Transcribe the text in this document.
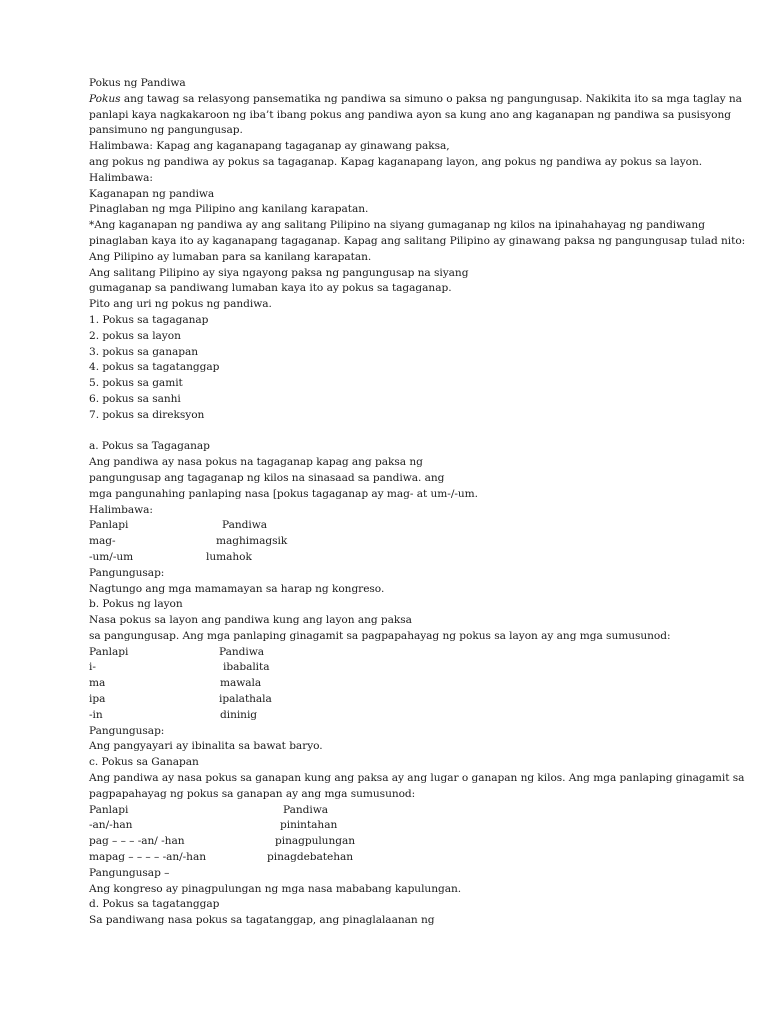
Pokus ng Pandiwa
Pokus ang tawag sa relasyong pansematika ng pandiwa sa simuno o paksa ng pangungusap. Nakikita ito sa mga taglay na
panlapi kaya nagkakaroon ng iba’t ibang pokus ang pandiwa ayon sa kung ano ang kaganapan ng pandiwa sa pusisyong
pansimuno ng pangungusap.
Halimbawa: Kapag ang kaganapang tagaganap ay ginawang paksa,
ang pokus ng pandiwa ay pokus sa tagaganap. Kapag kaganapang layon, ang pokus ng pandiwa ay pokus sa layon.
Halimbawa:
Kaganapan ng pandiwa
Pinaglaban ng mga Pilipino ang kanilang karapatan.
*Ang kaganapan ng pandiwa ay ang salitang Pilipino na siyang gumaganap ng kilos na ipinahahayag ng pandiwang
pinaglaban kaya ito ay kaganapang tagaganap. Kapag ang salitang Pilipino ay ginawang paksa ng pangungusap tulad nito:
Ang Pilipino ay lumaban para sa kanilang karapatan.
Ang salitang Pilipino ay siya ngayong paksa ng pangungusap na siyang
gumaganap sa pandiwang lumaban kaya ito ay pokus sa tagaganap.
Pito ang uri ng pokus ng pandiwa.
1. Pokus sa tagaganap
2. pokus sa layon
3. pokus sa ganapan
4. pokus sa tagatanggap
5. pokus sa gamit
6. pokus sa sanhi
7. pokus sa direksyon
a. Pokus sa Tagaganap
Ang pandiwa ay nasa pokus na tagaganap kapag ang paksa ng
pangungusap ang tagaganap ng kilos na sinasaad sa pandiwa. ang
mga pangunahing panlaping nasa [pokus tagaganap ay mag- at um-/-um.
Halimbawa:
Panlapi	Pandiwa
mag-	maghimagsik
-um/-um	lumahok
Pangungusap:
Nagtungo ang mga mamamayan sa harap ng kongreso.
b. Pokus ng layon
Nasa pokus sa layon ang pandiwa kung ang layon ang paksa
sa pangungusap. Ang mga panlaping ginagamit sa pagpapahayag ng pokus sa layon ay ang mga sumusunod:
Panlapi	Pandiwa
i-	ibabalita
ma	mawala
ipa	ipalathala
-in	dininig
Pangungusap:
Ang pangyayari ay ibinalita sa bawat baryo.
c. Pokus sa Ganapan
Ang pandiwa ay nasa pokus sa ganapan kung ang paksa ay ang lugar o ganapan ng kilos. Ang mga panlaping ginagamit sa
pagpapahayag ng pokus sa ganapan ay ang mga sumusunod:
Panlapi	Pandiwa
-an/-han	pinintahan
pag – – – -an/ -han	pinagpulungan
mapag – – – – -an/-han	pinagdebatehan
Pangungusap –
Ang kongreso ay pinagpulungan ng mga nasa mababang kapulungan.
d. Pokus sa tagatanggap
Sa pandiwang nasa pokus sa tagatanggap, ang pinaglalaanan ng
